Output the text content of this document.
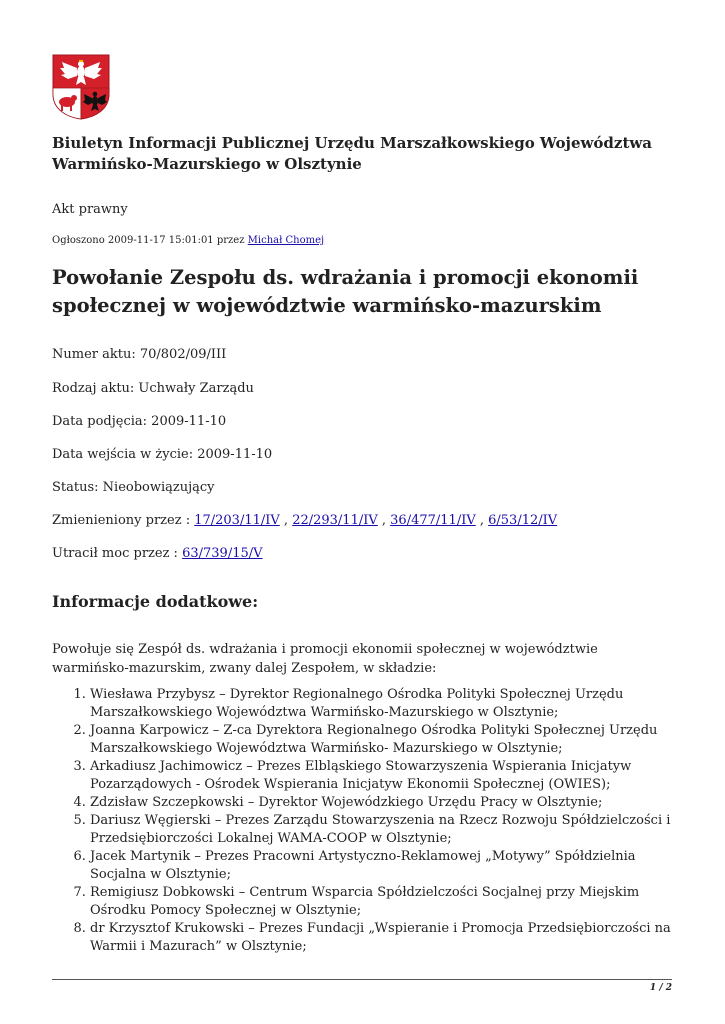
Biuletyn Informacji Publicznej Urzędu Marszałkowskiego Województwa Warmińsko-Mazurskiego w Olsztynie

Akt prawny

Ogłoszono 2009-11-17 15:01:01 przez Michał Chomej

Powołanie Zespołu ds. wdrażania i promocji ekonomii społecznej w województwie warmińsko-mazurskim

Numer aktu: 70/802/09/III

Rodzaj aktu: Uchwały Zarządu

Data podjęcia: 2009-11-10

Data wejścia w życie: 2009-11-10

Status: Nieobowiązujący

Zmienieniony przez : 17/203/11/IV , 22/293/11/IV , 36/477/11/IV , 6/53/12/IV

Utracił moc przez : 63/739/15/V

Informacje dodatkowe:

Powołuje się Zespół ds. wdrażania i promocji ekonomii społecznej w województwie warmińsko-mazurskim, zwany dalej Zespołem, w składzie:

1. Wiesława Przybysz – Dyrektor Regionalnego Ośrodka Polityki Społecznej Urzędu Marszałkowskiego Województwa Warmińsko-Mazurskiego w Olsztynie;
2. Joanna Karpowicz – Z-ca Dyrektora Regionalnego Ośrodka Polityki Społecznej Urzędu Marszałkowskiego Województwa Warmińsko- Mazurskiego w Olsztynie;
3. Arkadiusz Jachimowicz – Prezes Elbląskiego Stowarzyszenia Wspierania Inicjatyw Pozarządowych - Ośrodek Wspierania Inicjatyw Ekonomii Społecznej (OWIES);
4. Zdzisław Szczepkowski – Dyrektor Wojewódzkiego Urzędu Pracy w Olsztynie;
5. Dariusz Węgierski – Prezes Zarządu Stowarzyszenia na Rzecz Rozwoju Spółdzielczości i Przedsiębiorczości Lokalnej WAMA-COOP w Olsztynie;
6. Jacek Martynik – Prezes Pracowni Artystyczno-Reklamowej „Motywy” Spółdzielnia Socjalna w Olsztynie;
7. Remigiusz Dobkowski – Centrum Wsparcia Spółdzielczości Socjalnej przy Miejskim Ośrodku Pomocy Społecznej w Olsztynie;
8. dr Krzysztof Krukowski – Prezes Fundacji „Wspieranie i Promocja Przedsiębiorczości na Warmii i Mazurach” w Olsztynie;
1 / 2
